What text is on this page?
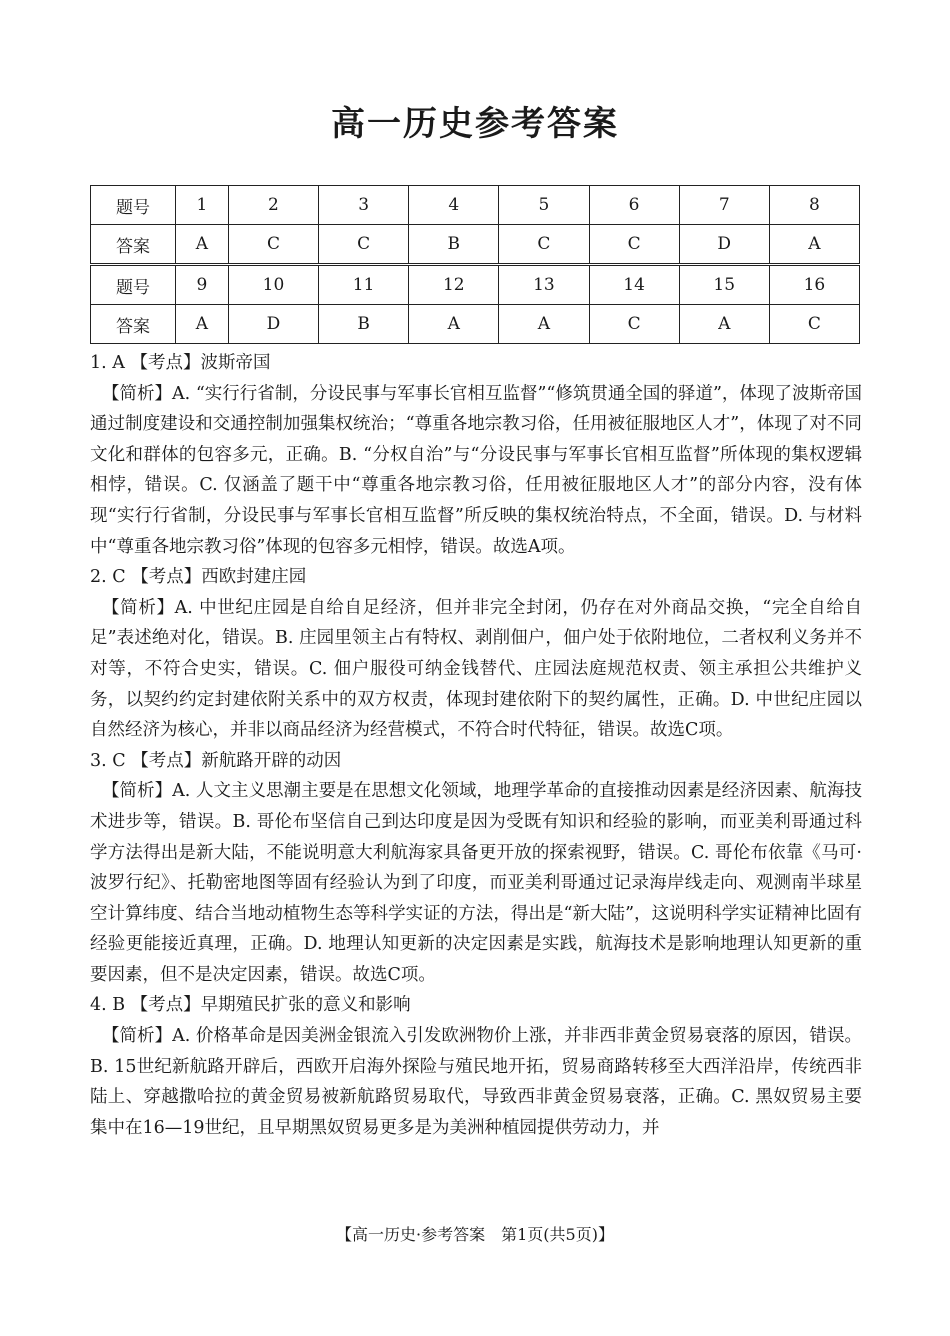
高一历史参考答案
题号	1	2	3	4	5	6	7	8
答案	A	C	C	B	C	C	D	A
题号	9	10	11	12	13	14	15	16
答案	A	D	B	A	A	C	A	C
1. A 【考点】波斯帝国

【简析】A. “实行行省制，分设民事与军事长官相互监督”“修筑贯通全国的驿道”，体现了波斯帝国通过制度建设和交通控制加强集权统治；“尊重各地宗教习俗，任用被征服地区人才”，体现了对不同文化和群体的包容多元，正确。B. “分权自治”与“分设民事与军事长官相互监督”所体现的集权逻辑相悖，错误。C. 仅涵盖了题干中“尊重各地宗教习俗，任用被征服地区人才”的部分内容，没有体现“实行行省制，分设民事与军事长官相互监督”所反映的集权统治特点，不全面，错误。D. 与材料中“尊重各地宗教习俗”体现的包容多元相悖，错误。故选A项。

2. C 【考点】西欧封建庄园

【简析】A. 中世纪庄园是自给自足经济，但并非完全封闭，仍存在对外商品交换，“完全自给自足”表述绝对化，错误。B. 庄园里领主占有特权、剥削佃户，佃户处于依附地位，二者权利义务并不对等，不符合史实，错误。C. 佃户服役可纳金钱替代、庄园法庭规范权责、领主承担公共维护义务，以契约约定封建依附关系中的双方权责，体现封建依附下的契约属性，正确。D. 中世纪庄园以自然经济为核心，并非以商品经济为经营模式，不符合时代特征，错误。故选C项。

3. C 【考点】新航路开辟的动因

【简析】A. 人文主义思潮主要是在思想文化领域，地理学革命的直接推动因素是经济因素、航海技术进步等，错误。B. 哥伦布坚信自己到达印度是因为受既有知识和经验的影响，而亚美利哥通过科学方法得出是新大陆，不能说明意大利航海家具备更开放的探索视野，错误。C. 哥伦布依靠《马可·波罗行纪》、托勒密地图等固有经验认为到了印度，而亚美利哥通过记录海岸线走向、观测南半球星空计算纬度、结合当地动植物生态等科学实证的方法，得出是“新大陆”，这说明科学实证精神比固有经验更能接近真理，正确。D. 地理认知更新的决定因素是实践，航海技术是影响地理认知更新的重要因素，但不是决定因素，错误。故选C项。

4. B 【考点】早期殖民扩张的意义和影响

【简析】A. 价格革命是因美洲金银流入引发欧洲物价上涨，并非西非黄金贸易衰落的原因，错误。B. 15世纪新航路开辟后，西欧开启海外探险与殖民地开拓，贸易商路转移至大西洋沿岸，传统西非陆上、穿越撒哈拉的黄金贸易被新航路贸易取代，导致西非黄金贸易衰落，正确。C. 黑奴贸易主要集中在16—19世纪，且早期黑奴贸易更多是为美洲种植园提供劳动力，并

【高一历史·参考答案　第1页(共5页)】
